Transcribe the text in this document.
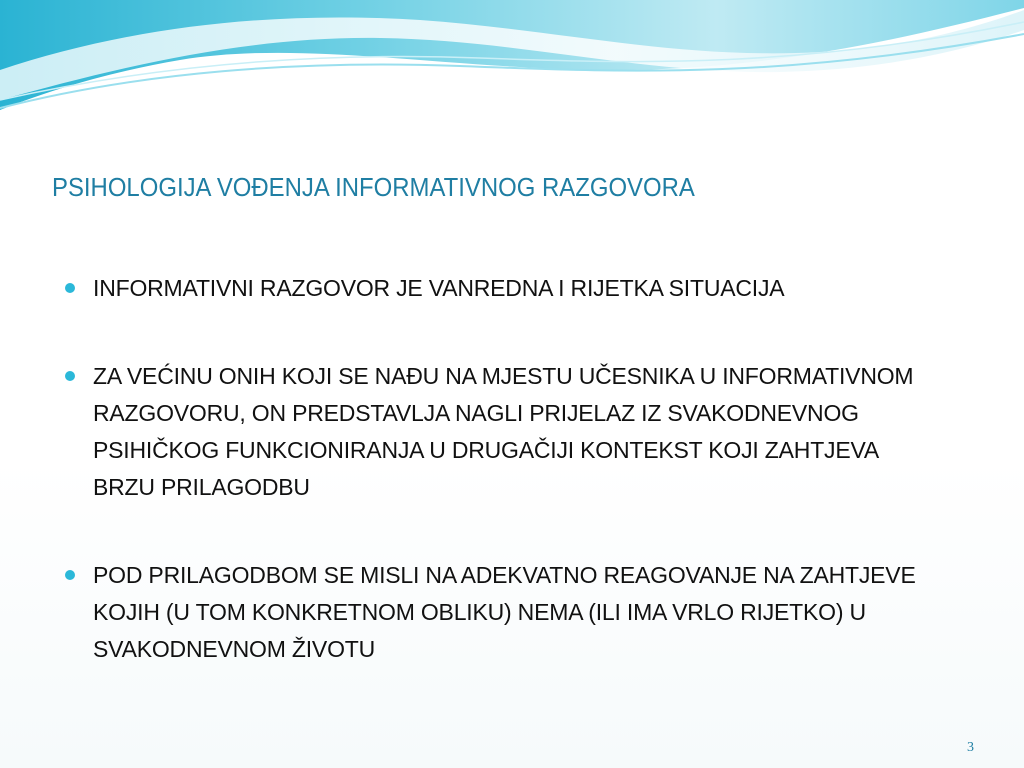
PSIHOLOGIJA VOĐENJA INFORMATIVNOG RAZGOVORA
INFORMATIVNI RAZGOVOR JE VANREDNA I RIJETKA SITUACIJA
ZA VEĆINU ONIH KOJI SE NAĐU NA MJESTU UČESNIKA U INFORMATIVNOM RAZGOVORU, ON PREDSTAVLJA NAGLI PRIJELAZ IZ SVAKODNEVNOG PSIHIČKOG FUNKCIONIRANJA U DRUGAČIJI KONTEKST KOJI ZAHTJEVA BRZU PRILAGODBU
POD PRILAGODBOM SE MISLI NA ADEKVATNO REAGOVANJE NA ZAHTJEVE KOJIH (U TOM KONKRETNOM OBLIKU) NEMA (ILI IMA VRLO RIJETKO) U SVAKODNEVNOM ŽIVOTU
3
